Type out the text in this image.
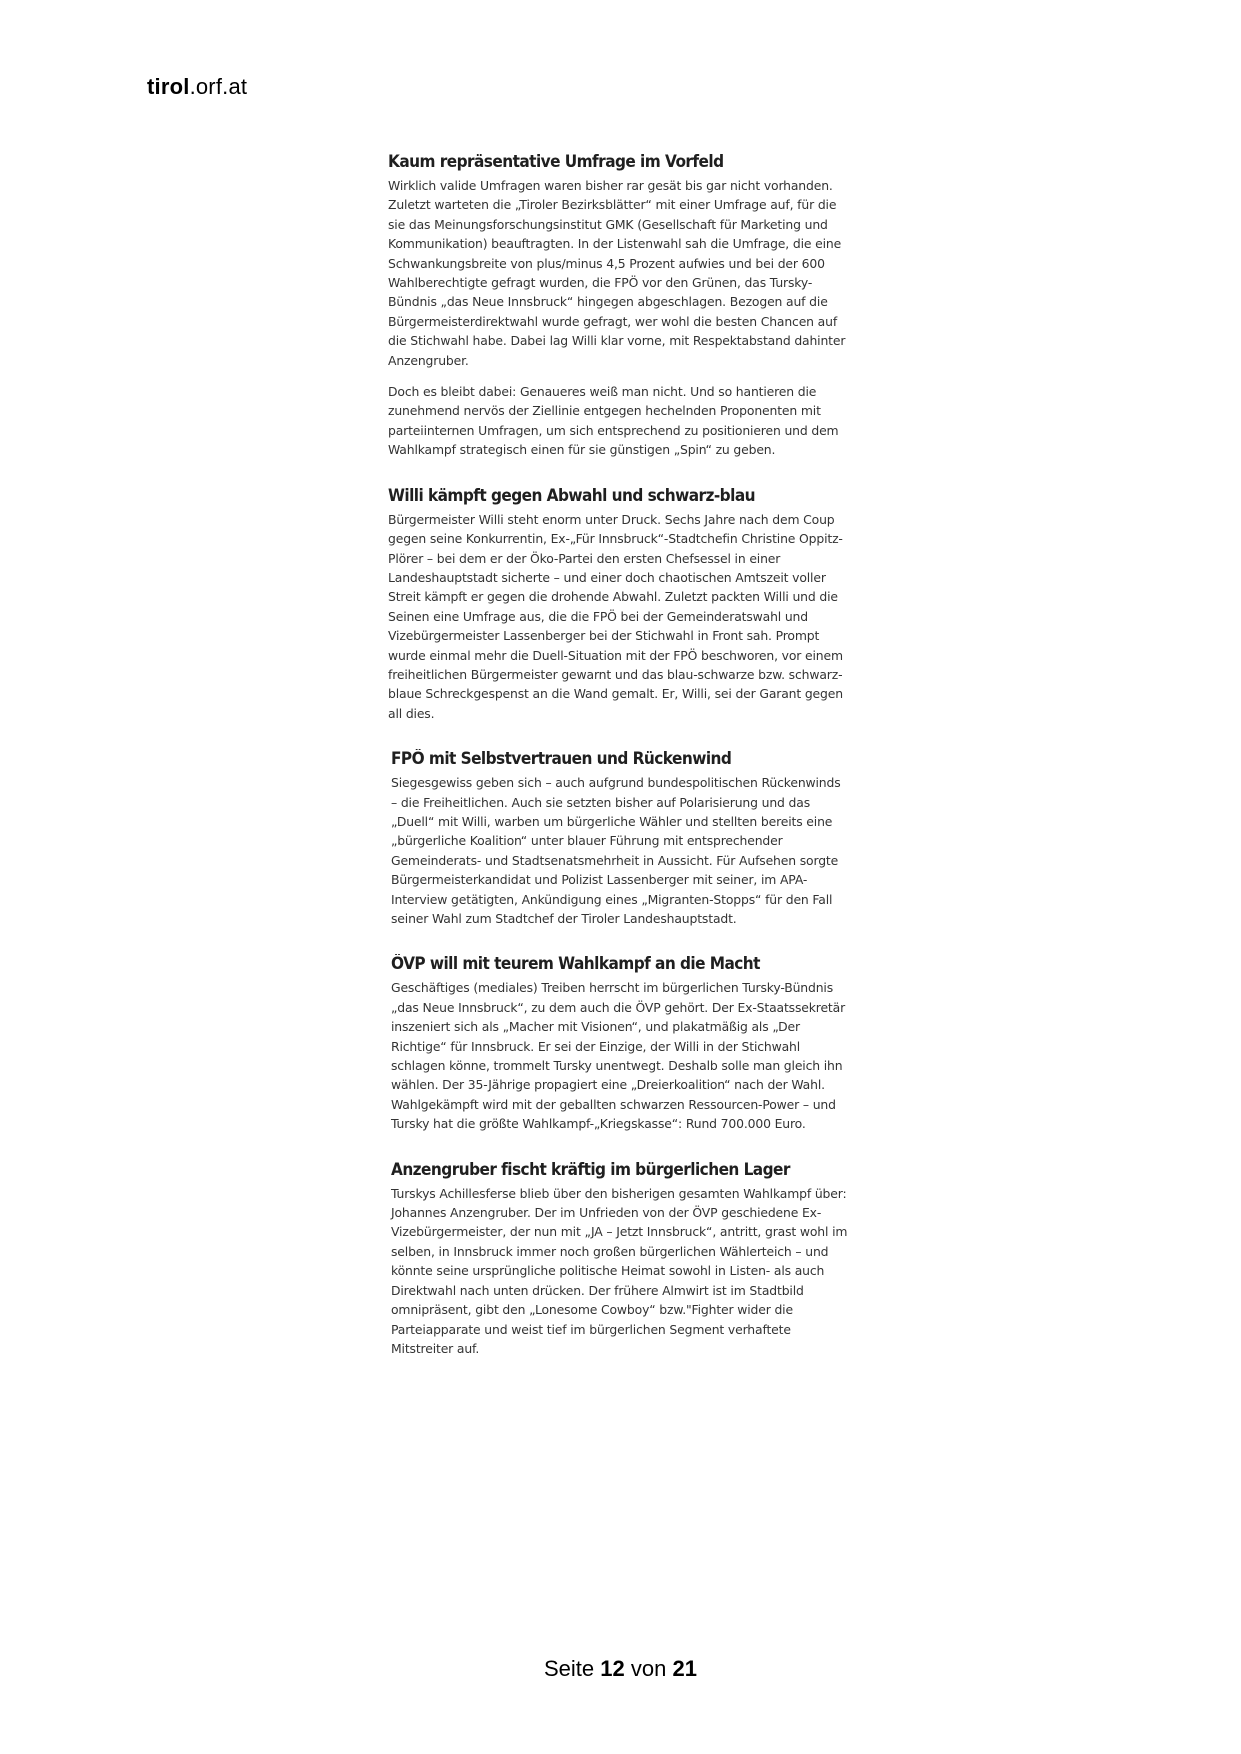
tirol.orf.at
Kaum repräsentative Umfrage im Vorfeld

Wirklich valide Umfragen waren bisher rar gesät bis gar nicht vorhanden. Zuletzt warteten die „Tiroler Bezirksblätter“ mit einer Umfrage auf, für die sie das Meinungsforschungsinstitut GMK (Gesellschaft für Marketing und Kommunikation) beauftragten. In der Listenwahl sah die Umfrage, die eine Schwankungsbreite von plus/minus 4,5 Prozent aufwies und bei der 600 Wahlberechtigte gefragt wurden, die FPÖ vor den Grünen, das Tursky-Bündnis „das Neue Innsbruck“ hingegen abgeschlagen. Bezogen auf die Bürgermeisterdirektwahl wurde gefragt, wer wohl die besten Chancen auf die Stichwahl habe. Dabei lag Willi klar vorne, mit Respektabstand dahinter Anzengruber.

Doch es bleibt dabei: Genaueres weiß man nicht. Und so hantieren die zunehmend nervös der Ziellinie entgegen hechelnden Proponenten mit parteiinternen Umfragen, um sich entsprechend zu positionieren und dem Wahlkampf strategisch einen für sie günstigen „Spin“ zu geben.

Willi kämpft gegen Abwahl und schwarz-blau

Bürgermeister Willi steht enorm unter Druck. Sechs Jahre nach dem Coup gegen seine Konkurrentin, Ex-„Für Innsbruck“-Stadtchefin Christine Oppitz-Plörer – bei dem er der Öko-Partei den ersten Chefsessel in einer Landeshauptstadt sicherte – und einer doch chaotischen Amtszeit voller Streit kämpft er gegen die drohende Abwahl. Zuletzt packten Willi und die Seinen eine Umfrage aus, die die FPÖ bei der Gemeinderatswahl und Vizebürgermeister Lassenberger bei der Stichwahl in Front sah. Prompt wurde einmal mehr die Duell-Situation mit der FPÖ beschworen, vor einem freiheitlichen Bürgermeister gewarnt und das blau-schwarze bzw. schwarz-blaue Schreckgespenst an die Wand gemalt. Er, Willi, sei der Garant gegen all dies.

FPÖ mit Selbstvertrauen und Rückenwind

Siegesgewiss geben sich – auch aufgrund bundespolitischen Rückenwinds – die Freiheitlichen. Auch sie setzten bisher auf Polarisierung und das „Duell“ mit Willi, warben um bürgerliche Wähler und stellten bereits eine „bürgerliche Koalition“ unter blauer Führung mit entsprechender Gemeinderats- und Stadtsenatsmehrheit in Aussicht. Für Aufsehen sorgte Bürgermeisterkandidat und Polizist Lassenberger mit seiner, im APA-Interview getätigten, Ankündigung eines „Migranten-Stopps“ für den Fall seiner Wahl zum Stadtchef der Tiroler Landeshauptstadt.

ÖVP will mit teurem Wahlkampf an die Macht

Geschäftiges (mediales) Treiben herrscht im bürgerlichen Tursky-Bündnis „das Neue Innsbruck“, zu dem auch die ÖVP gehört. Der Ex-Staatssekretär inszeniert sich als „Macher mit Visionen“, und plakatmäßig als „Der Richtige“ für Innsbruck. Er sei der Einzige, der Willi in der Stichwahl schlagen könne, trommelt Tursky unentwegt. Deshalb solle man gleich ihn wählen. Der 35-Jährige propagiert eine „Dreierkoalition“ nach der Wahl. Wahlgekämpft wird mit der geballten schwarzen Ressourcen-Power – und Tursky hat die größte Wahlkampf-„Kriegskasse“: Rund 700.000 Euro.

Anzengruber fischt kräftig im bürgerlichen Lager

Turskys Achillesferse blieb über den bisherigen gesamten Wahlkampf über: Johannes Anzengruber. Der im Unfrieden von der ÖVP geschiedene Ex-Vizebürgermeister, der nun mit „JA – Jetzt Innsbruck“, antritt, grast wohl im selben, in Innsbruck immer noch großen bürgerlichen Wählerteich – und könnte seine ursprüngliche politische Heimat sowohl in Listen- als auch Direktwahl nach unten drücken. Der frühere Almwirt ist im Stadtbild omnipräsent, gibt den „Lonesome Cowboy“ bzw."Fighter wider die Parteiapparate und weist tief im bürgerlichen Segment verhaftete Mitstreiter auf.

Seite 12 von 21
